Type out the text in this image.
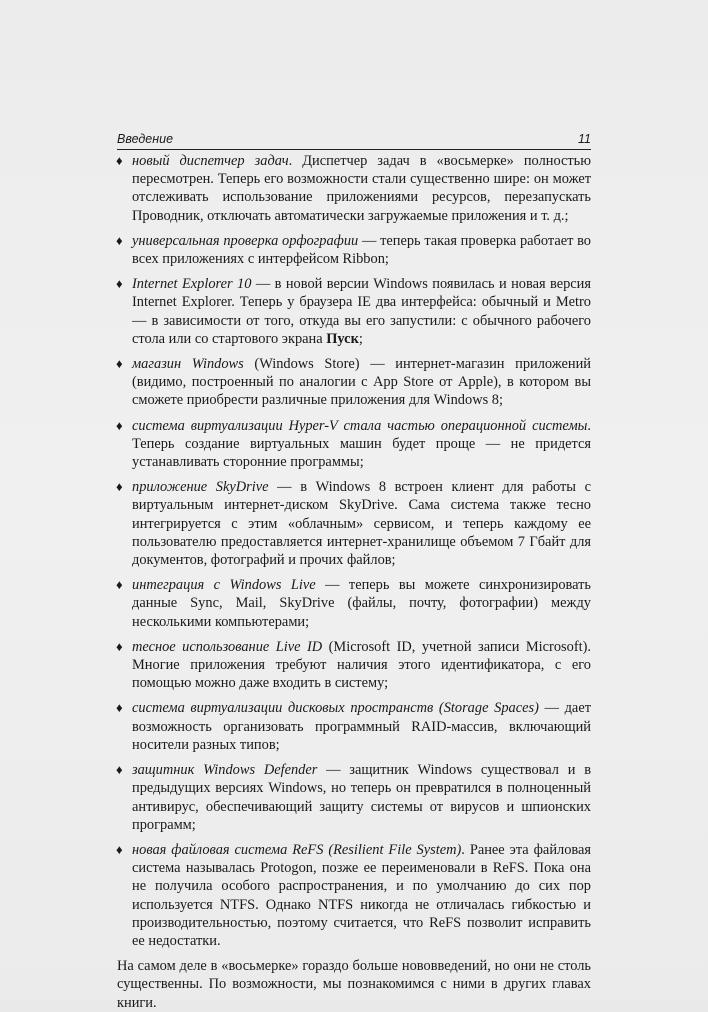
Введение	11
♦ новый диспетчер задач. Диспетчер задач в «восьмерке» полностью пересмотрен. Теперь его возможности стали существенно шире: он может отслеживать использование приложениями ресурсов, перезапускать Проводник, отключать автоматически загружаемые приложения и т. д.;
♦ универсальная проверка орфографии — теперь такая проверка работает во всех приложениях с интерфейсом Ribbon;
♦ Internet Explorer 10 — в новой версии Windows появилась и новая версия Internet Explorer. Теперь у браузера IE два интерфейса: обычный и Metro — в зависимости от того, откуда вы его запустили: с обычного рабочего стола или со стартового экрана Пуск;
♦ магазин Windows (Windows Store) — интернет-магазин приложений (видимо, построенный по аналогии с App Store от Apple), в котором вы сможете приобрести различные приложения для Windows 8;
♦ система виртуализации Hyper-V стала частью операционной системы. Теперь создание виртуальных машин будет проще — не придется устанавливать сторонние программы;
♦ приложение SkyDrive — в Windows 8 встроен клиент для работы с виртуальным интернет-диском SkyDrive. Сама система также тесно интегрируется с этим «облачным» сервисом, и теперь каждому ее пользователю предоставляется интернет-хранилище объемом 7 Гбайт для документов, фотографий и прочих файлов;
♦ интеграция с Windows Live — теперь вы можете синхронизировать данные Sync, Mail, SkyDrive (файлы, почту, фотографии) между несколькими компьютерами;
♦ тесное использование Live ID (Microsoft ID, учетной записи Microsoft). Многие приложения требуют наличия этого идентификатора, с его помощью можно даже входить в систему;
♦ система виртуализации дисковых пространств (Storage Spaces) — дает возможность организовать программный RAID-массив, включающий носители разных типов;
♦ защитник Windows Defender — защитник Windows существовал и в предыдущих версиях Windows, но теперь он превратился в полноценный антивирус, обеспечивающий защиту системы от вирусов и шпионских программ;
♦ новая файловая система ReFS (Resilient File System). Ранее эта файловая система называлась Protogon, позже ее переименовали в ReFS. Пока она не получила особого распространения, и по умолчанию до сих пор используется NTFS. Однако NTFS никогда не отличалась гибкостью и производительностью, поэтому считается, что ReFS позволит исправить ее недостатки.

На самом деле в «восьмерке» гораздо больше нововведений, но они не столь существенны. По возможности, мы познакомимся с ними в других главах книги.
